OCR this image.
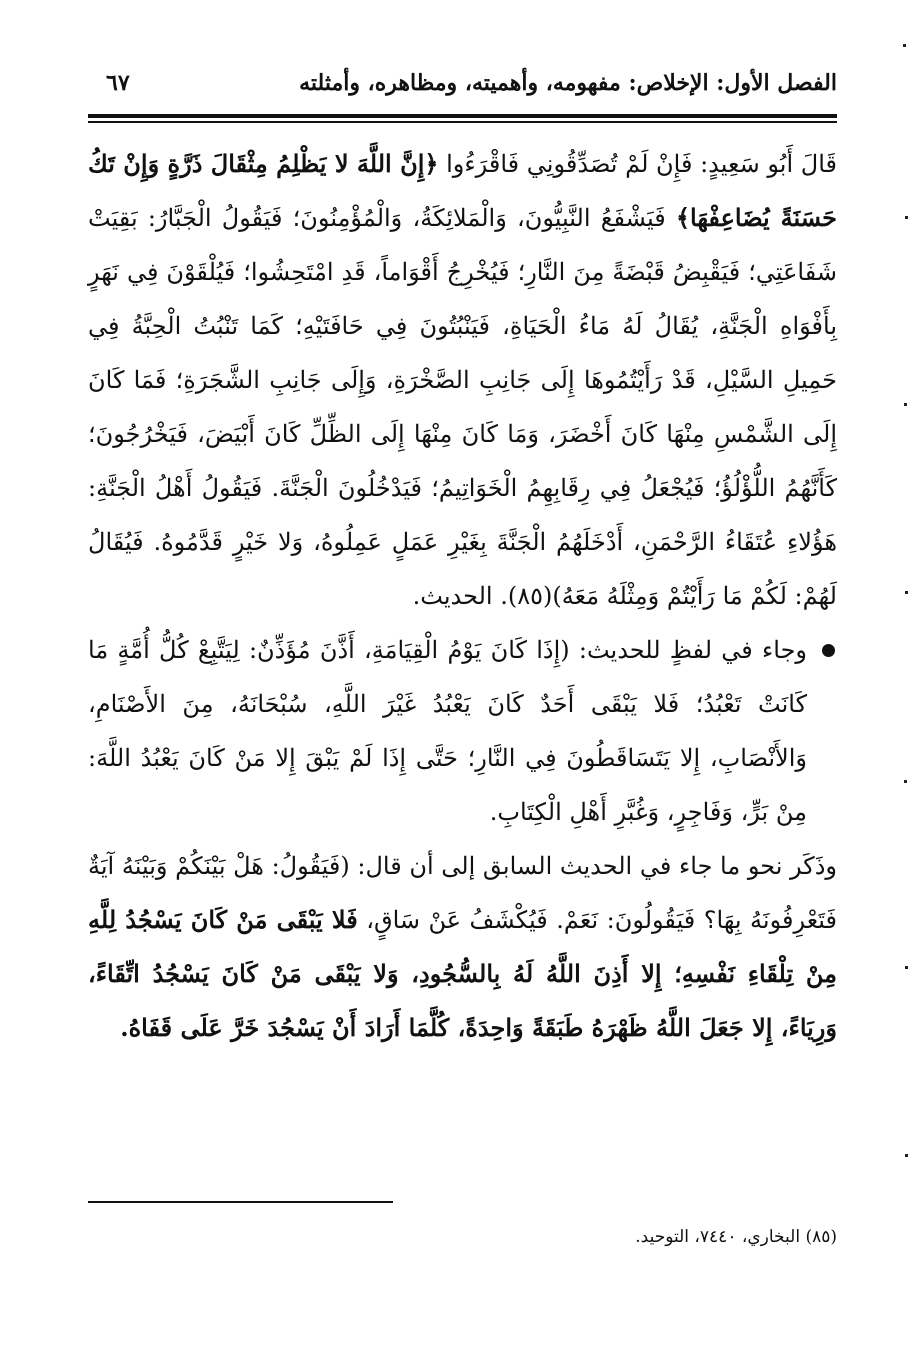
الفصل الأول: الإخلاص: مفهومه، وأهميته، ومظاهره، وأمثلته
٦٧

قَالَ أَبُو سَعِيدٍ: فَإِنْ لَمْ تُصَدِّقُونِي فَاقْرَءُوا ﴿إِنَّ اللَّهَ لا يَظْلِمُ مِثْقَالَ ذَرَّةٍ وَإِنْ تَكُ حَسَنَةً يُضَاعِفْهَا﴾ فَيَشْفَعُ النَّبِيُّونَ، وَالْمَلائِكَةُ، وَالْمُؤْمِنُونَ؛ فَيَقُولُ الْجَبَّارُ: بَقِيَتْ شَفَاعَتِي؛ فَيَقْبِضُ قَبْضَةً مِنَ النَّارِ؛ فَيُخْرِجُ أَقْوَاماً، قَدِ امْتَحِشُوا؛ فَيُلْقَوْنَ فِي نَهَرٍ بِأَفْوَاهِ الْجَنَّةِ، يُقَالُ لَهُ مَاءُ الْحَيَاةِ، فَيَنْبُتُونَ فِي حَافَتَيْهِ؛ كَمَا تَنْبُتُ الْحِبَّةُ فِي حَمِيلِ السَّيْلِ، قَدْ رَأَيْتُمُوهَا إِلَى جَانِبِ الصَّخْرَةِ، وَإِلَى جَانِبِ الشَّجَرَةِ؛ فَمَا كَانَ إِلَى الشَّمْسِ مِنْهَا كَانَ أَخْضَرَ، وَمَا كَانَ مِنْهَا إِلَى الظِّلِّ كَانَ أَبْيَضَ، فَيَخْرُجُونَ؛ كَأَنَّهُمُ اللُّؤْلُؤُ؛ فَيُجْعَلُ فِي رِقَابِهِمُ الْخَوَاتِيمُ؛ فَيَدْخُلُونَ الْجَنَّةَ. فَيَقُولُ أَهْلُ الْجَنَّةِ: هَؤُلاءِ عُتَقَاءُ الرَّحْمَنِ، أَدْخَلَهُمُ الْجَنَّةَ بِغَيْرِ عَمَلٍ عَمِلُوهُ، وَلا خَيْرٍ قَدَّمُوهُ. فَيُقَالُ لَهُمْ: لَكُمْ مَا رَأَيْتُمْ وَمِثْلَهُ مَعَهُ)(٨٥). الحديث.

وجاء في لفظٍ للحديث: (إِذَا كَانَ يَوْمُ الْقِيَامَةِ، أَذَّنَ مُؤَذِّنٌ: لِيَتَّبِعْ كُلُّ أُمَّةٍ مَا كَانَتْ تَعْبُدُ؛ فَلا يَبْقَى أَحَدٌ كَانَ يَعْبُدُ غَيْرَ اللَّهِ، سُبْحَانَهُ، مِنَ الأَصْنَامِ، وَالأَنْصَابِ، إِلا يَتَسَاقَطُونَ فِي النَّارِ؛ حَتَّى إِذَا لَمْ يَبْقَ إِلا مَنْ كَانَ يَعْبُدُ اللَّهَ: مِنْ بَرٍّ، وَفَاجِرٍ، وَغُبَّرِ أَهْلِ الْكِتَابِ.

وذَكَر نحو ما جاء في الحديث السابق إلى أن قال: (فَيَقُولُ: هَلْ بَيْنَكُمْ وَبَيْنَهُ آيَةٌ فَتَعْرِفُونَهُ بِهَا؟ فَيَقُولُونَ: نَعَمْ. فَيُكْشَفُ عَنْ سَاقٍ، فَلا يَبْقَى مَنْ كَانَ يَسْجُدُ لِلَّهِ مِنْ تِلْقَاءِ نَفْسِهِ؛ إِلا أَذِنَ اللَّهُ لَهُ بِالسُّجُودِ، وَلا يَبْقَى مَنْ كَانَ يَسْجُدُ اتِّقَاءً، وَرِيَاءً، إِلا جَعَلَ اللَّهُ ظَهْرَهُ طَبَقَةً وَاحِدَةً، كُلَّمَا أَرَادَ أَنْ يَسْجُدَ خَرَّ عَلَى قَفَاهُ.

(٨٥) البخاري، ٧٤٤٠، التوحيد.
